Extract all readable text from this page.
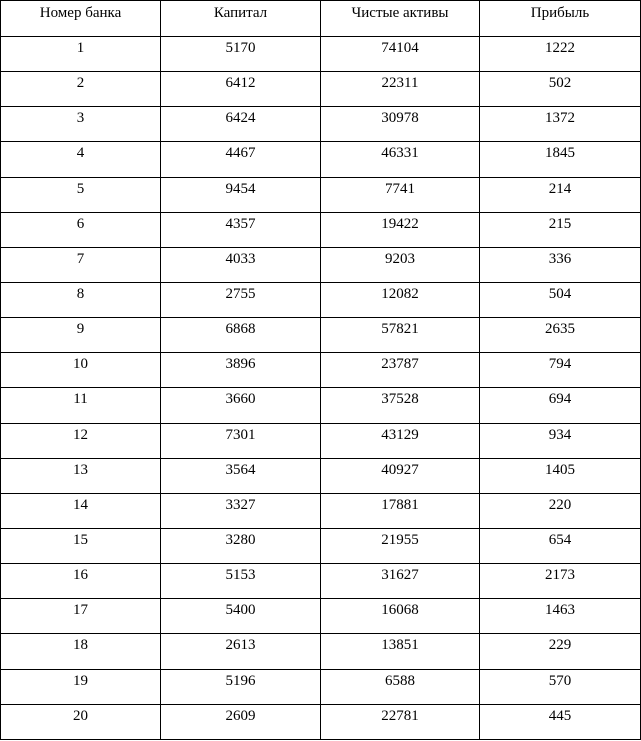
Номер банка	Капитал	Чистые активы	Прибыль
1	5170	74104	1222
2	6412	22311	502
3	6424	30978	1372
4	4467	46331	1845
5	9454	7741	214
6	4357	19422	215
7	4033	9203	336
8	2755	12082	504
9	6868	57821	2635
10	3896	23787	794
11	3660	37528	694
12	7301	43129	934
13	3564	40927	1405
14	3327	17881	220
15	3280	21955	654
16	5153	31627	2173
17	5400	16068	1463
18	2613	13851	229
19	5196	6588	570
20	2609	22781	445
